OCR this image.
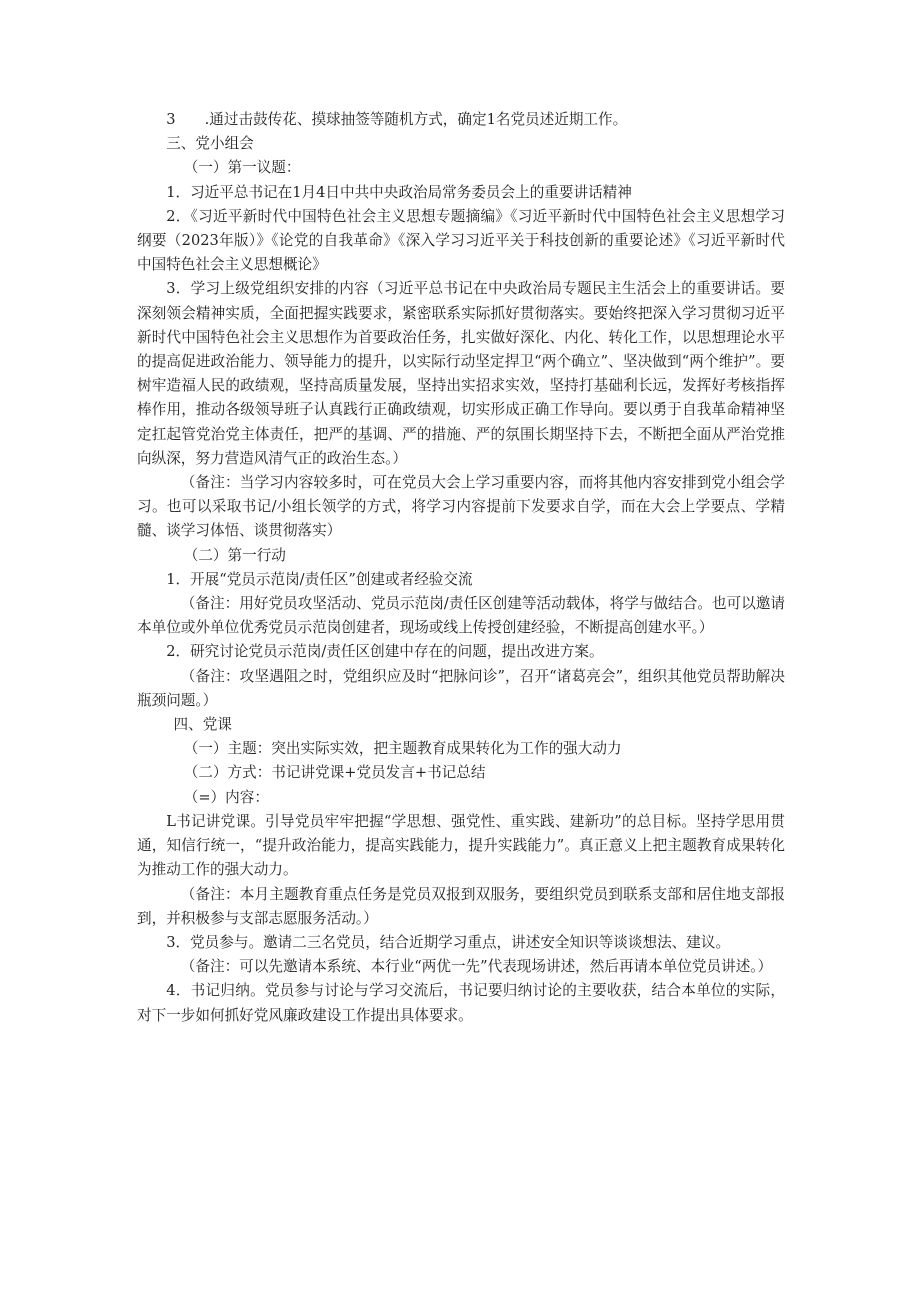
3　　.通过击鼓传花、摸球抽签等随机方式，确定1名党员述近期工作。

三、党小组会

（一）第一议题：

1．习近平总书记在1月4日中共中央政治局常务委员会上的重要讲话精神

2．《习近平新时代中国特色社会主义思想专题摘编》《习近平新时代中国特色社会主义思想学习纲要（2023年版）》《论党的自我革命》《深入学习习近平关于科技创新的重要论述》《习近平新时代中国特色社会主义思想概论》

3．学习上级党组织安排的内容（习近平总书记在中央政治局专题民主生活会上的重要讲话。要深刻领会精神实质，全面把握实践要求，紧密联系实际抓好贯彻落实。要始终把深入学习贯彻习近平新时代中国特色社会主义思想作为首要政治任务，扎实做好深化、内化、转化工作，以思想理论水平的提高促进政治能力、领导能力的提升，以实际行动坚定捍卫“两个确立”、坚决做到“两个维护”。要树牢造福人民的政绩观，坚持高质量发展，坚持出实招求实效，坚持打基础利长远，发挥好考核指挥棒作用，推动各级领导班子认真践行正确政绩观，切实形成正确工作导向。要以勇于自我革命精神坚定扛起管党治党主体责任，把严的基调、严的措施、严的氛围长期坚持下去，不断把全面从严治党推向纵深，努力营造风清气正的政治生态。）

（备注：当学习内容较多时，可在党员大会上学习重要内容，而将其他内容安排到党小组会学习。也可以采取书记/小组长领学的方式，将学习内容提前下发要求自学，而在大会上学要点、学精髓、谈学习体悟、谈贯彻落实）

（二）第一行动

1．开展“党员示范岗/责任区”创建或者经验交流

（备注：用好党员攻坚活动、党员示范岗/责任区创建等活动载体，将学与做结合。也可以邀请本单位或外单位优秀党员示范岗创建者，现场或线上传授创建经验，不断提高创建水平。）

2．研究讨论党员示范岗/责任区创建中存在的问题，提出改进方案。

（备注：攻坚遇阻之时，党组织应及时“把脉问诊”，召开“诸葛亮会”，组织其他党员帮助解决瓶颈问题。）

四、党课

（一）主题：突出实际实效，把主题教育成果转化为工作的强大动力

（二）方式：书记讲党课+党员发言+书记总结

（=）内容：

L书记讲党课。引导党员牢牢把握“学思想、强党性、重实践、建新功”的总目标。坚持学思用贯通，知信行统一，“提升政治能力，提高实践能力，提升实践能力”。真正意义上把主题教育成果转化为推动工作的强大动力。

（备注：本月主题教育重点任务是党员双报到双服务，要组织党员到联系支部和居住地支部报到，并积极参与支部志愿服务活动。）

3．党员参与。邀请二三名党员，结合近期学习重点，讲述安全知识等谈谈想法、建议。

（备注：可以先邀请本系统、本行业“两优一先”代表现场讲述，然后再请本单位党员讲述。）

4．书记归纳。党员参与讨论与学习交流后，书记要归纳讨论的主要收获，结合本单位的实际，对下一步如何抓好党风廉政建设工作提出具体要求。
